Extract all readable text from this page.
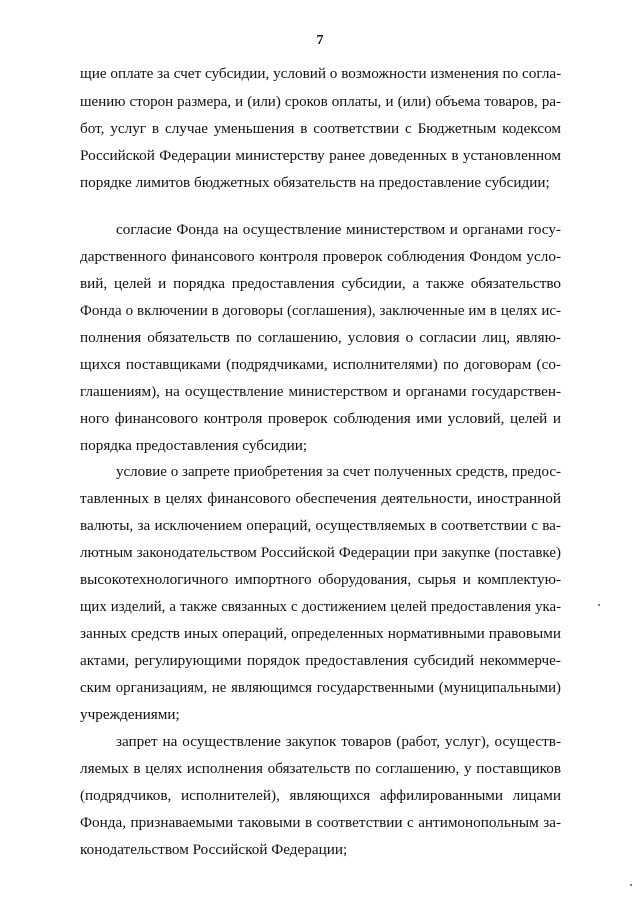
7
щие оплате за счет субсидии, условий о возможности изменения по согла-
шению сторон размера, и (или) сроков оплаты, и (или) объема товаров, ра-
бот, услуг в случае уменьшения в соответствии с Бюджетным кодексом
Российской Федерации министерству ранее доведенных в установленном
порядке лимитов бюджетных обязательств на предоставление субсидии;
согласие Фонда на осуществление министерством и органами госу-
дарственного финансового контроля проверок соблюдения Фондом усло-
вий, целей и порядка предоставления субсидии, а также обязательство
Фонда о включении в договоры (соглашения), заключенные им в целях ис-
полнения обязательств по соглашению, условия о согласии лиц, являю-
щихся поставщиками (подрядчиками, исполнителями) по договорам (со-
глашениям), на осуществление министерством и органами государствен-
ного финансового контроля проверок соблюдения ими условий, целей и
порядка предоставления субсидии;
условие о запрете приобретения за счет полученных средств, предос-
тавленных в целях финансового обеспечения деятельности, иностранной
валюты, за исключением операций, осуществляемых в соответствии с ва-
лютным законодательством Российской Федерации при закупке (поставке)
высокотехнологичного импортного оборудования, сырья и комплектую-
щих изделий, а также связанных с достижением целей предоставления ука-
занных средств иных операций, определенных нормативными правовыми
актами, регулирующими порядок предоставления субсидий некоммерче-
ским организациям, не являющимся государственными (муниципальными)
учреждениями;
запрет на осуществление закупок товаров (работ, услуг), осуществ-
ляемых в целях исполнения обязательств по соглашению, у поставщиков
(подрядчиков, исполнителей), являющихся аффилированными лицами
Фонда, признаваемыми таковыми в соответствии с антимонопольным за-
конодательством Российской Федерации;
